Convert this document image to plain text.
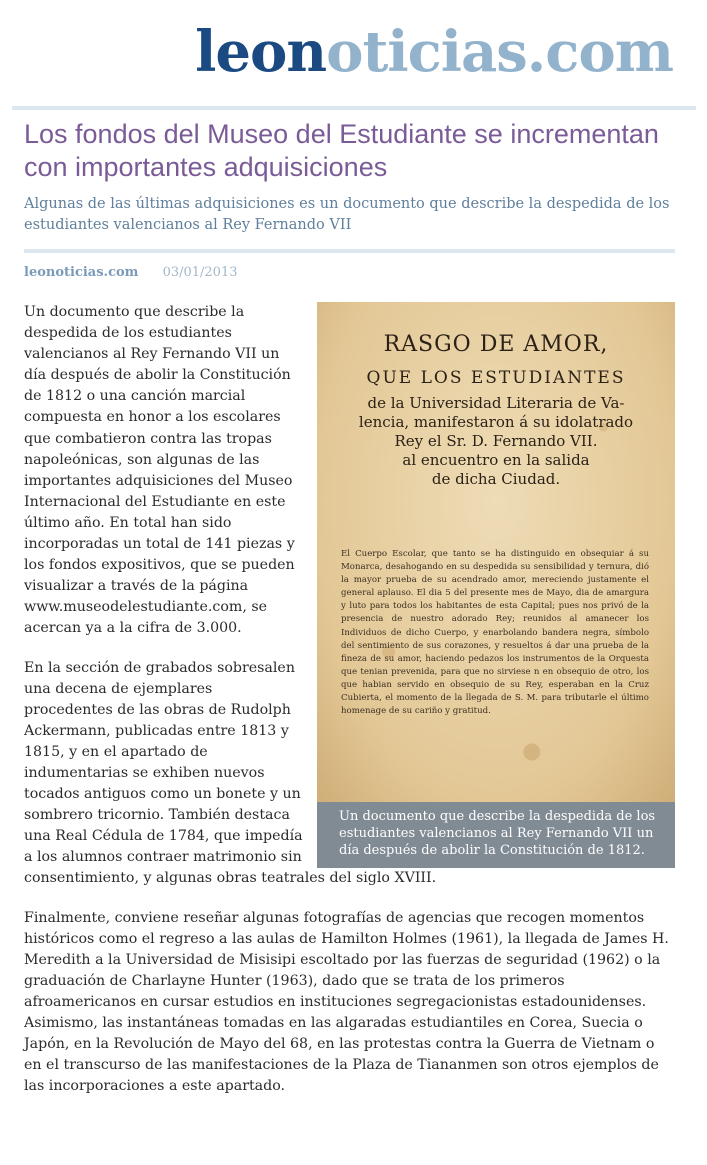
leonoticias.com
Los fondos del Museo del Estudiante se incrementan con importantes adquisiciones

Algunas de las últimas adquisiciones es un documento que describe la despedida de los estudiantes valencianos al Rey Fernando VII

leonoticias.com 03/01/2013
RASGO DE AMOR,
QUE LOS ESTUDIANTES
de la Universidad Literaria de Va-
lencia, manifestaron á su idolatrado
Rey el Sr. D. Fernando VII.
al encuentro en la salida
de dicha Ciudad.
El Cuerpo Escolar, que tanto se ha distinguido en obsequiar á su Monarca, desahogando en su despedida su sensibilidad y ternura, dió la mayor prueba de su acendrado amor, mereciendo justamente el general aplauso. El dia 5 del presente mes de Mayo, dia de amargura y luto para todos los habitantes de esta Capital; pues nos privó de la presencia de nuestro adorado Rey; reunidos al amanecer los Individuos de dicho Cuerpo, y enarbolando bandera negra, símbolo del sentimiento de sus corazones, y resueltos á dar una prueba de la fineza de su amor, haciendo pedazos los instrumentos de la Orquesta que tenian prevenida, para que no sirviese n en obsequio de otro, los que habian servido en obsequio de su Rey, esperaban en la Cruz Cubierta, el momento de la llegada de S. M. para tributarle el último homenage de su cariño y gratitud.

Un documento que describe la despedida de los estudiantes valencianos al Rey Fernando VII un día después de abolir la Constitución de 1812.

Un documento que describe la despedida de los estudiantes valencianos al Rey Fernando VII un día después de abolir la Constitución de 1812 o una canción marcial compuesta en honor a los escolares que combatieron contra las tropas napoleónicas, son algunas de las importantes adquisiciones del Museo Internacional del Estudiante en este último año. En total han sido incorporadas un total de 141 piezas y los fondos expositivos, que se pueden visualizar a través de la página www.museodelestudiante.com, se acercan ya a la cifra de 3.000.

En la sección de grabados sobresalen una decena de ejemplares procedentes de las obras de Rudolph Ackermann, publicadas entre 1813 y 1815, y en el apartado de indumentarias se exhiben nuevos tocados antiguos como un bonete y un sombrero tricornio. También destaca una Real Cédula de 1784, que impedía a los alumnos contraer matrimonio sin consentimiento, y algunas obras teatrales del siglo XVIII.

Finalmente, conviene reseñar algunas fotografías de agencias que recogen momentos históricos como el regreso a las aulas de Hamilton Holmes (1961), la llegada de James H. Meredith a la Universidad de Misisipi escoltado por las fuerzas de seguridad (1962) o la graduación de Charlayne Hunter (1963), dado que se trata de los primeros afroamericanos en cursar estudios en instituciones segregacionistas estadounidenses. Asimismo, las instantáneas tomadas en las algaradas estudiantiles en Corea, Suecia o Japón, en la Revolución de Mayo del 68, en las protestas contra la Guerra de Vietnam o en el transcurso de las manifestaciones de la Plaza de Tiananmen son otros ejemplos de las incorporaciones a este apartado.
